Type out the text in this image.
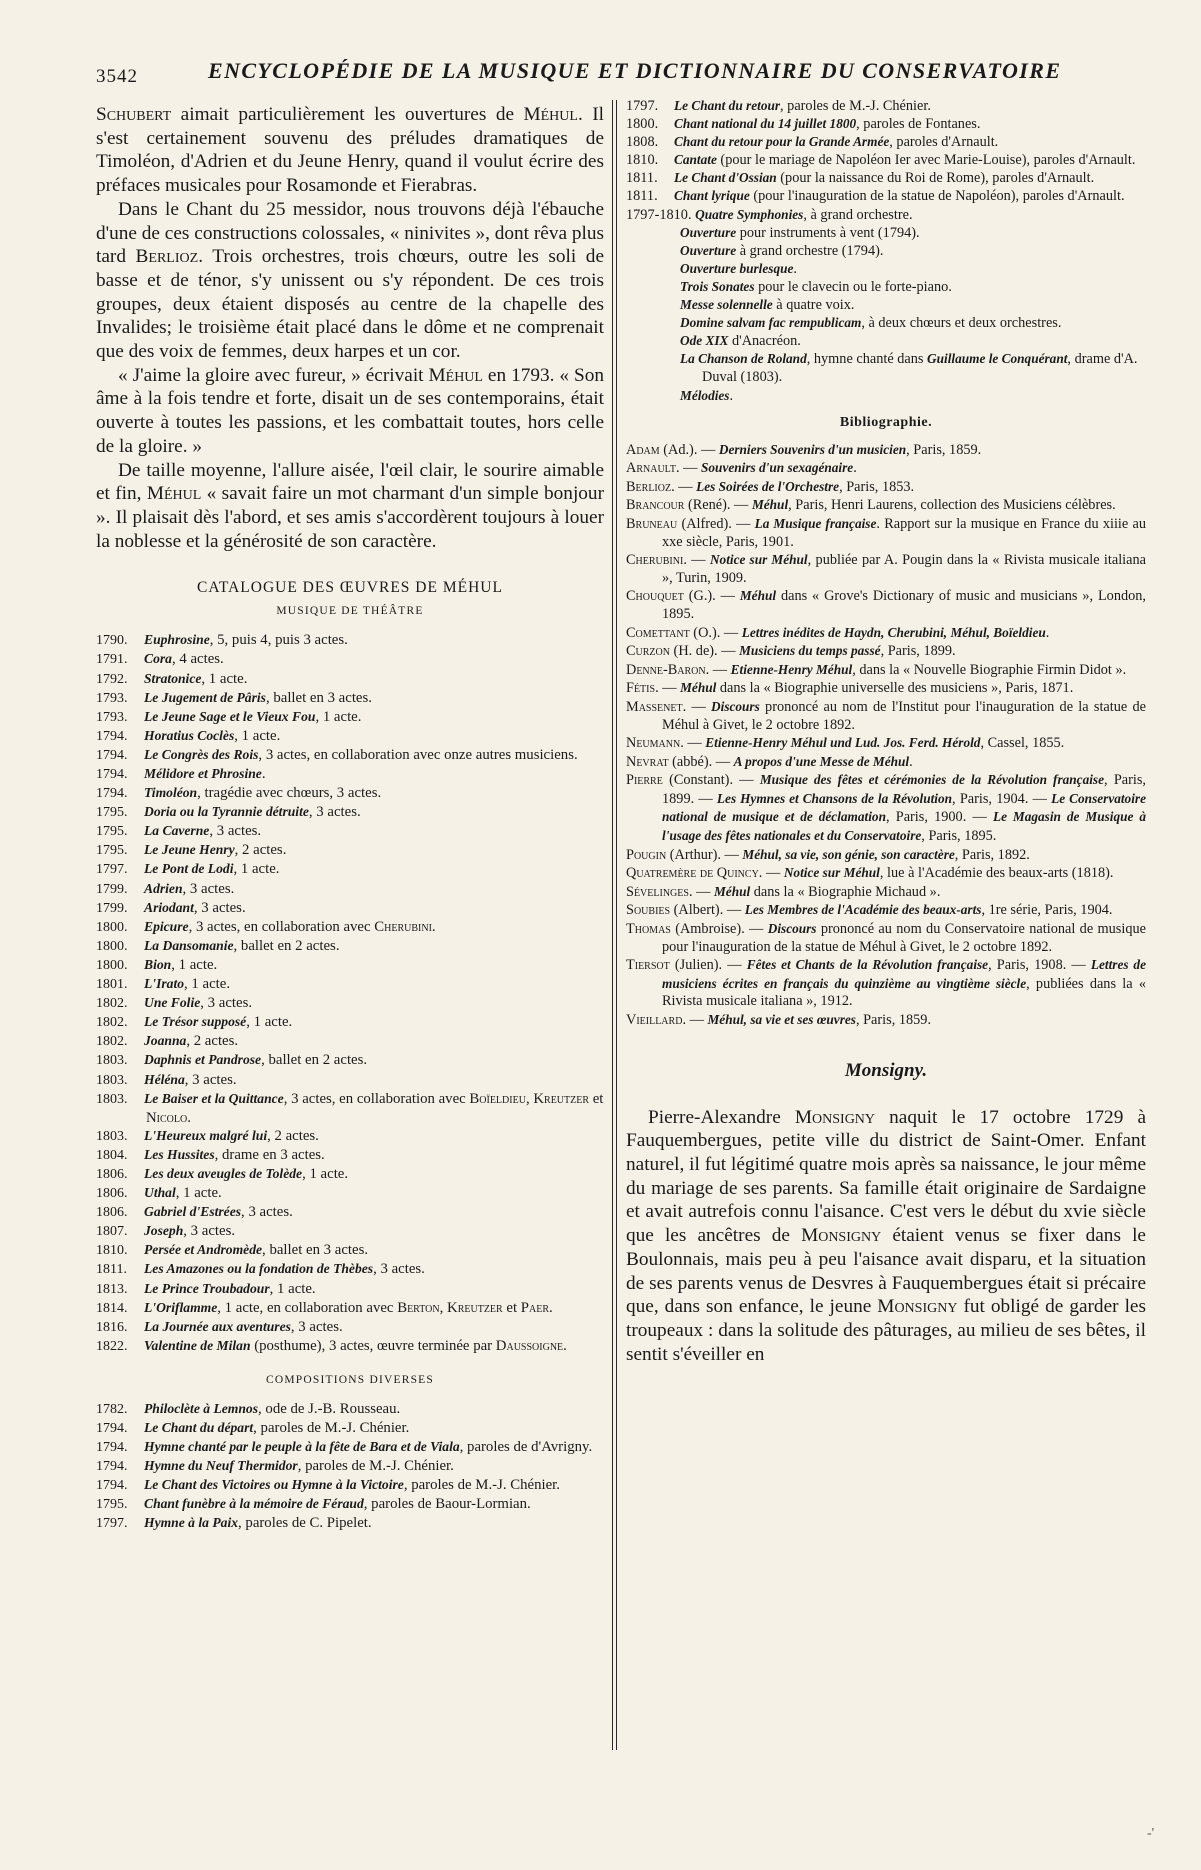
3542	ENCYCLOPÉDIE DE LA MUSIQUE ET DICTIONNAIRE DU CONSERVATOIRE

Schubert aimait particulièrement les ouvertures de Méhul. Il s'est certainement souvenu des préludes dramatiques de Timoléon, d'Adrien et du Jeune Henry, quand il voulut écrire des préfaces musicales pour Rosamonde et Fierabras.

Dans le Chant du 25 messidor, nous trouvons déjà l'ébauche d'une de ces constructions colossales, « ninivites », dont rêva plus tard Berlioz. Trois orchestres, trois chœurs, outre les soli de basse et de ténor, s'y unissent ou s'y répondent. De ces trois groupes, deux étaient disposés au centre de la chapelle des Invalides; le troisième était placé dans le dôme et ne comprenait que des voix de femmes, deux harpes et un cor.

« J'aime la gloire avec fureur, » écrivait Méhul en 1793. « Son âme à la fois tendre et forte, disait un de ses contemporains, était ouverte à toutes les passions, et les combattait toutes, hors celle de la gloire. »

De taille moyenne, l'allure aisée, l'œil clair, le sourire aimable et fin, Méhul « savait faire un mot charmant d'un simple bonjour ». Il plaisait dès l'abord, et ses amis s'accordèrent toujours à louer la noblesse et la générosité de son caractère.

CATALOGUE DES ŒUVRES DE MÉHUL
MUSIQUE DE THÉÂTRE

1790. Euphrosine, 5, puis 4, puis 3 actes.

1791. Cora, 4 actes.

1792. Stratonice, 1 acte.

1793. Le Jugement de Pâris, ballet en 3 actes.

1793. Le Jeune Sage et le Vieux Fou, 1 acte.

1794. Horatius Coclès, 1 acte.

1794. Le Congrès des Rois, 3 actes, en collaboration avec onze autres musiciens.

1794. Mélidore et Phrosine.

1794. Timoléon, tragédie avec chœurs, 3 actes.

1795. Doria ou la Tyrannie détruite, 3 actes.

1795. La Caverne, 3 actes.

1795. Le Jeune Henry, 2 actes.

1797. Le Pont de Lodi, 1 acte.

1799. Adrien, 3 actes.

1799. Ariodant, 3 actes.

1800. Epicure, 3 actes, en collaboration avec Cherubini.

1800. La Dansomanie, ballet en 2 actes.

1800. Bion, 1 acte.

1801. L'Irato, 1 acte.

1802. Une Folie, 3 actes.

1802. Le Trésor supposé, 1 acte.

1802. Joanna, 2 actes.

1803. Daphnis et Pandrose, ballet en 2 actes.

1803. Héléna, 3 actes.

1803. Le Baiser et la Quittance, 3 actes, en collaboration avec Boïeldieu, Kreutzer et Nicolo.

1803. L'Heureux malgré lui, 2 actes.

1804. Les Hussites, drame en 3 actes.

1806. Les deux aveugles de Tolède, 1 acte.

1806. Uthal, 1 acte.

1806. Gabriel d'Estrées, 3 actes.

1807. Joseph, 3 actes.

1810. Persée et Andromède, ballet en 3 actes.

1811. Les Amazones ou la fondation de Thèbes, 3 actes.

1813. Le Prince Troubadour, 1 acte.

1814. L'Oriflamme, 1 acte, en collaboration avec Berton, Kreutzer et Paer.

1816. La Journée aux aventures, 3 actes.

1822. Valentine de Milan (posthume), 3 actes, œuvre terminée par Daussoigne.

COMPOSITIONS DIVERSES

1782. Philoclète à Lemnos, ode de J.-B. Rousseau.

1794. Le Chant du départ, paroles de M.-J. Chénier.

1794. Hymne chanté par le peuple à la fête de Bara et de Viala, paroles de d'Avrigny.

1794. Hymne du Neuf Thermidor, paroles de M.-J. Chénier.

1794. Le Chant des Victoires ou Hymne à la Victoire, paroles de M.-J. Chénier.

1795. Chant funèbre à la mémoire de Féraud, paroles de Baour-Lormian.

1797. Hymne à la Paix, paroles de C. Pipelet.

1797. Le Chant du retour, paroles de M.-J. Chénier.

1800. Chant national du 14 juillet 1800, paroles de Fontanes.

1808. Chant du retour pour la Grande Armée, paroles d'Arnault.

1810. Cantate (pour le mariage de Napoléon Ier avec Marie-Louise), paroles d'Arnault.

1811. Le Chant d'Ossian (pour la naissance du Roi de Rome), paroles d'Arnault.

1811. Chant lyrique (pour l'inauguration de la statue de Napoléon), paroles d'Arnault.

1797-1810. Quatre Symphonies, à grand orchestre.

Ouverture pour instruments à vent (1794).

Ouverture à grand orchestre (1794).

Ouverture burlesque.

Trois Sonates pour le clavecin ou le forte-piano.

Messe solennelle à quatre voix.

Domine salvam fac rempublicam, à deux chœurs et deux orchestres.

Ode XIX d'Anacréon.

La Chanson de Roland, hymne chanté dans Guillaume le Conquérant, drame d'A. Duval (1803).

Mélodies.

Bibliographie.

Adam (Ad.). — Derniers Souvenirs d'un musicien, Paris, 1859.

Arnault. — Souvenirs d'un sexagénaire.

Berlioz. — Les Soirées de l'Orchestre, Paris, 1853.

Brancour (René). — Méhul, Paris, Henri Laurens, collection des Musiciens célèbres.

Bruneau (Alfred). — La Musique française. Rapport sur la musique en France du xiiie au xxe siècle, Paris, 1901.

Cherubini. — Notice sur Méhul, publiée par A. Pougin dans la « Rivista musicale italiana », Turin, 1909.

Chouquet (G.). — Méhul dans « Grove's Dictionary of music and musicians », London, 1895.

Comettant (O.). — Lettres inédites de Haydn, Cherubini, Méhul, Boïeldieu.

Curzon (H. de). — Musiciens du temps passé, Paris, 1899.

Denne-Baron. — Etienne-Henry Méhul, dans la « Nouvelle Biographie Firmin Didot ».

Fétis. — Méhul dans la « Biographie universelle des musiciens », Paris, 1871.

Massenet. — Discours prononcé au nom de l'Institut pour l'inauguration de la statue de Méhul à Givet, le 2 octobre 1892.

Neumann. — Etienne-Henry Méhul und Lud. Jos. Ferd. Hérold, Cassel, 1855.

Nevrat (abbé). — A propos d'une Messe de Méhul.

Pierre (Constant). — Musique des fêtes et cérémonies de la Révolution française, Paris, 1899. — Les Hymnes et Chansons de la Révolution, Paris, 1904. — Le Conservatoire national de musique et de déclamation, Paris, 1900. — Le Magasin de Musique à l'usage des fêtes nationales et du Conservatoire, Paris, 1895.

Pougin (Arthur). — Méhul, sa vie, son génie, son caractère, Paris, 1892.

Quatremère de Quincy. — Notice sur Méhul, lue à l'Académie des beaux-arts (1818).

Sévelinges. — Méhul dans la « Biographie Michaud ».

Soubies (Albert). — Les Membres de l'Académie des beaux-arts, 1re série, Paris, 1904.

Thomas (Ambroise). — Discours prononcé au nom du Conservatoire national de musique pour l'inauguration de la statue de Méhul à Givet, le 2 octobre 1892.

Tiersot (Julien). — Fêtes et Chants de la Révolution française, Paris, 1908. — Lettres de musiciens écrites en français du quinzième au vingtième siècle, publiées dans la « Rivista musicale italiana », 1912.

Vieillard. — Méhul, sa vie et ses œuvres, Paris, 1859.

Monsigny.

Pierre-Alexandre Monsigny naquit le 17 octobre 1729 à Fauquembergues, petite ville du district de Saint-Omer. Enfant naturel, il fut légitimé quatre mois après sa naissance, le jour même du mariage de ses parents. Sa famille était originaire de Sardaigne et avait autrefois connu l'aisance. C'est vers le début du xvie siècle que les ancêtres de Monsigny étaient venus se fixer dans le Boulonnais, mais peu à peu l'aisance avait disparu, et la situation de ses parents venus de Desvres à Fauquembergues était si précaire que, dans son enfance, le jeune Monsigny fut obligé de garder les troupeaux : dans la solitude des pâturages, au milieu de ses bêtes, il sentit s'éveiller en

-'
